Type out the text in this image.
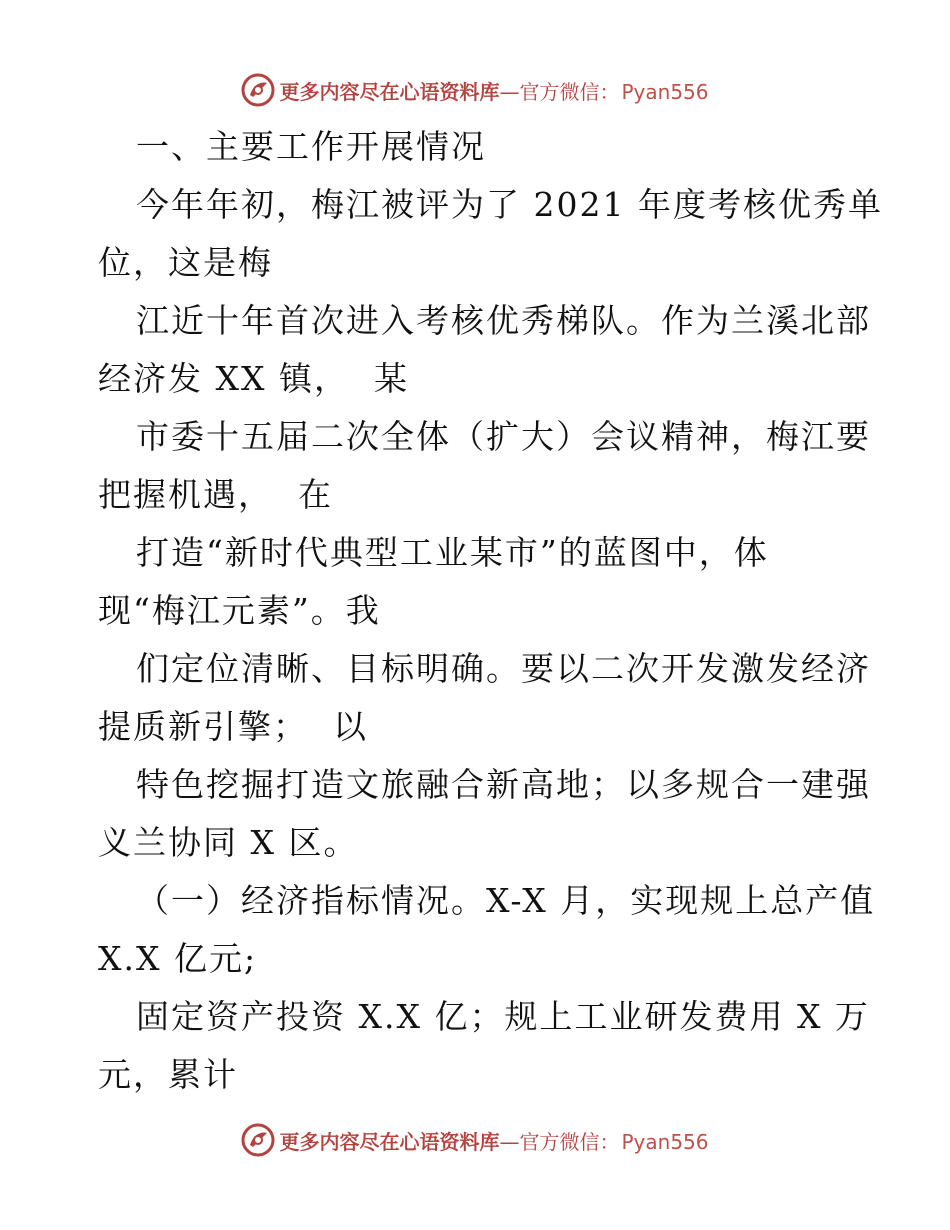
更多内容尽在心语资料库—官方微信： Pyan556
一、主要工作开展情况
今年年初，梅江被评为了 2021 年度考核优秀单
位，这是梅
江近十年首次进入考核优秀梯队。作为兰溪北部
经济发 XX 镇，  某
市委十五届二次全体（扩大）会议精神，梅江要
把握机遇，  在
打造“新时代典型工业某市”的蓝图中，体
现“梅江元素”。我
们定位清晰、目标明确。要以二次开发激发经济
提质新引擎；  以
特色挖掘打造文旅融合新高地；以多规合一建强
义兰协同 X 区。
（一）经济指标情况。X-X 月，实现规上总产值
X.X 亿元;
固定资产投资 X.X 亿；规上工业研发费用 X 万
元，累计
更多内容尽在心语资料库—官方微信： Pyan556
